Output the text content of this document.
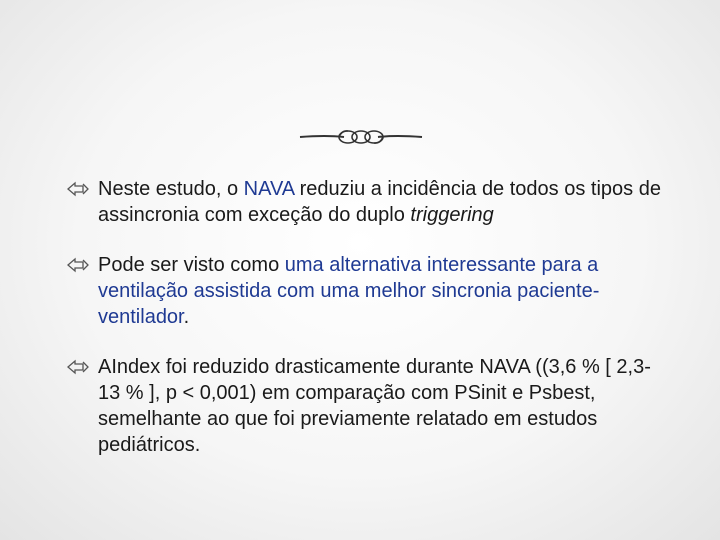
Neste estudo, o NAVA reduziu a incidência de todos os tipos de assincronia com exceção do duplo triggering
Pode ser visto como uma alternativa interessante para a ventilação assistida com uma melhor sincronia paciente-ventilador.
AIndex foi reduzido drasticamente durante NAVA ((3,6 % [ 2,3-13 % ], p < 0,001) em comparação com PSinit e Psbest, semelhante ao que foi previamente relatado em estudos pediátricos.
